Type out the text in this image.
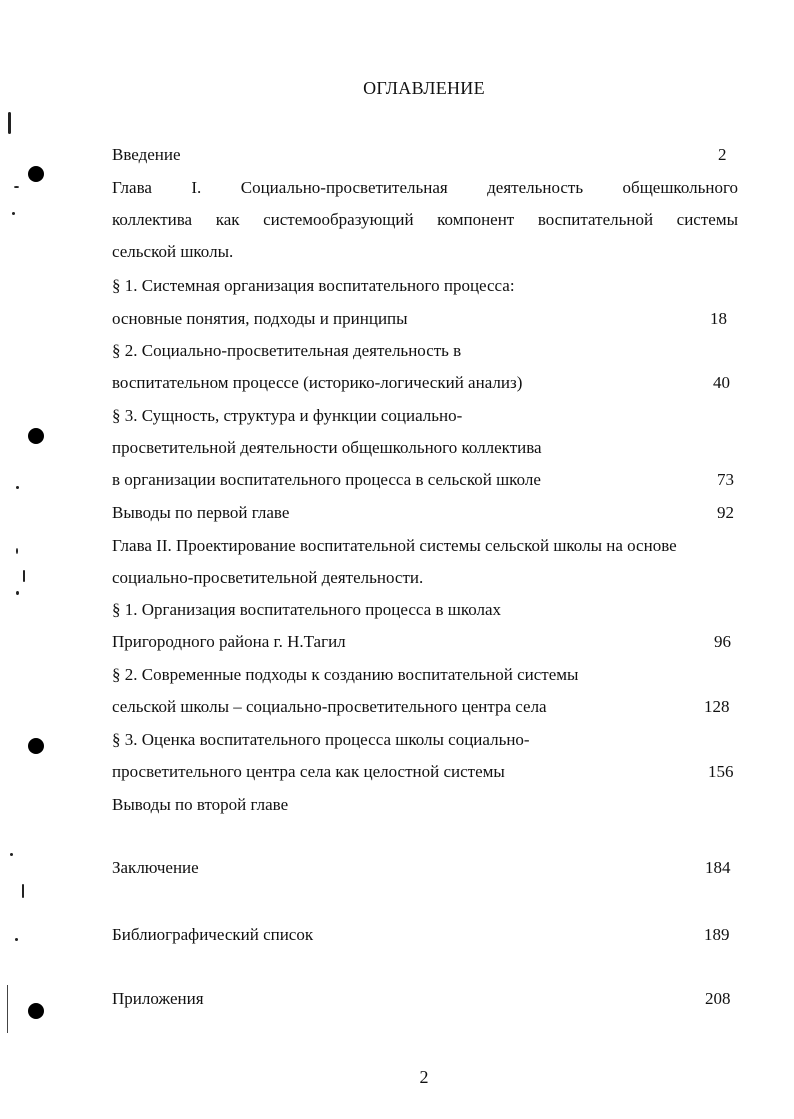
ОГЛАВЛЕНИЕ
Введение	2
Глава I. Социально-просветительная деятельность общешкольного
коллектива как системообразующий компонент воспитательной системы
сельской школы.
§ 1. Системная организация воспитательного процесса:
основные понятия, подходы и принципы	18
§ 2. Социально-просветительная деятельность в
воспитательном процессе (историко-логический анализ)	40
§ 3. Сущность, структура и функции социально-
просветительной деятельности общешкольного коллектива
в организации воспитательного процесса в сельской школе	73
Выводы по первой главе	92
Глава II. Проектирование воспитательной системы сельской школы на основе
социально-просветительной деятельности.
§ 1. Организация воспитательного процесса в школах
Пригородного района г. Н.Тагил	96
§ 2. Современные подходы к созданию воспитательной системы
сельской школы – социально-просветительного центра села	128
§ 3. Оценка воспитательного процесса школы социально-
просветительного центра села как целостной системы	156
Выводы по второй главе
Заключение	184
Библиографический список	189
Приложения	208
2
